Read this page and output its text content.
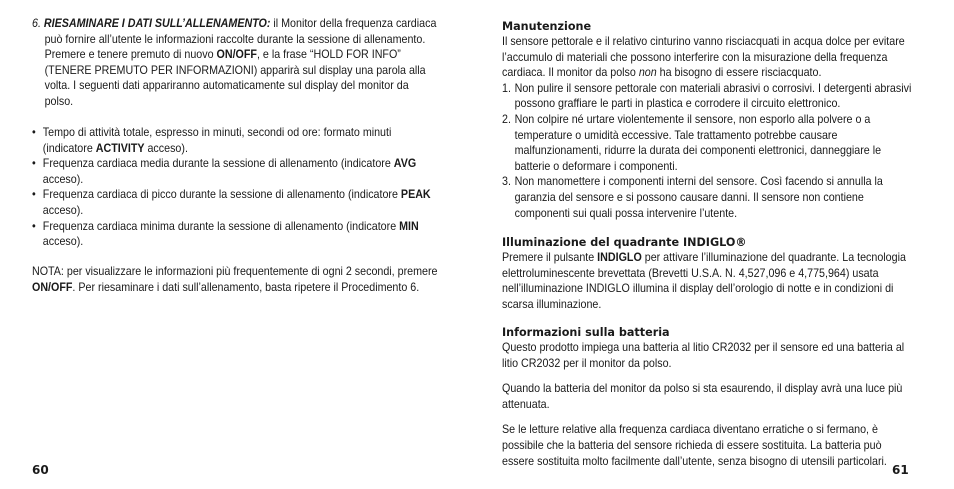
6. RIESAMINARE I DATI SULL’ALLENAMENTO: il Monitor della frequenza cardiaca può fornire all’utente le informazioni raccolte durante la sessione di allenamento. Premere e tenere premuto di nuovo ON/OFF, e la frase “HOLD FOR INFO” (TENERE PREMUTO PER INFORMAZIONI) apparirà sul display una parola alla volta. I seguenti dati appariranno automaticamente sul display del monitor da polso.

• Tempo di attività totale, espresso in minuti, secondi od ore: formato minuti (indicatore ACTIVITY acceso).
• Frequenza cardiaca media durante la sessione di allenamento (indicatore AVG acceso).
• Frequenza cardiaca di picco durante la sessione di allenamento (indicatore PEAK acceso).
• Frequenza cardiaca minima durante la sessione di allenamento (indicatore MIN acceso).

NOTA: per visualizzare le informazioni più frequentemente di ogni 2 secondi, premere ON/OFF. Per riesaminare i dati sull’allenamento, basta ripetere il Procedimento 6.

Manutenzione

Il sensore pettorale e il relativo cinturino vanno risciacquati in acqua dolce per evitare l’accumulo di materiali che possono interferire con la misurazione della frequenza cardiaca. Il monitor da polso non ha bisogno di essere risciacquato.

1. Non pulire il sensore pettorale con materiali abrasivi o corrosivi. I detergenti abrasivi possono graffiare le parti in plastica e corrodere il circuito elettronico.
2. Non colpire né urtare violentemente il sensore, non esporlo alla polvere o a temperature o umidità eccessive. Tale trattamento potrebbe causare malfunzionamenti, ridurre la durata dei componenti elettronici, danneggiare le batterie o deformare i componenti.
3. Non manomettere i componenti interni del sensore. Così facendo si annulla la garanzia del sensore e si possono causare danni. Il sensore non contiene componenti sui quali possa intervenire l’utente.
Illuminazione del quadrante INDIGLO®

Premere il pulsante INDIGLO per attivare l’illuminazione del quadrante. La tecnologia elettroluminescente brevettata (Brevetti U.S.A. N. 4,527,096 e 4,775,964) usata nell’illuminazione INDIGLO illumina il display dell’orologio di notte e in condizioni di scarsa illuminazione.

Informazioni sulla batteria

Questo prodotto impiega una batteria al litio CR2032 per il sensore ed una batteria al litio CR2032 per il monitor da polso.

Quando la batteria del monitor da polso si sta esaurendo, il display avrà una luce più attenuata.

Se le letture relative alla frequenza cardiaca diventano erratiche o si fermano, è possibile che la batteria del sensore richieda di essere sostituita. La batteria può essere sostituita molto facilmente dall’utente, senza bisogno di utensili particolari.

60	61
